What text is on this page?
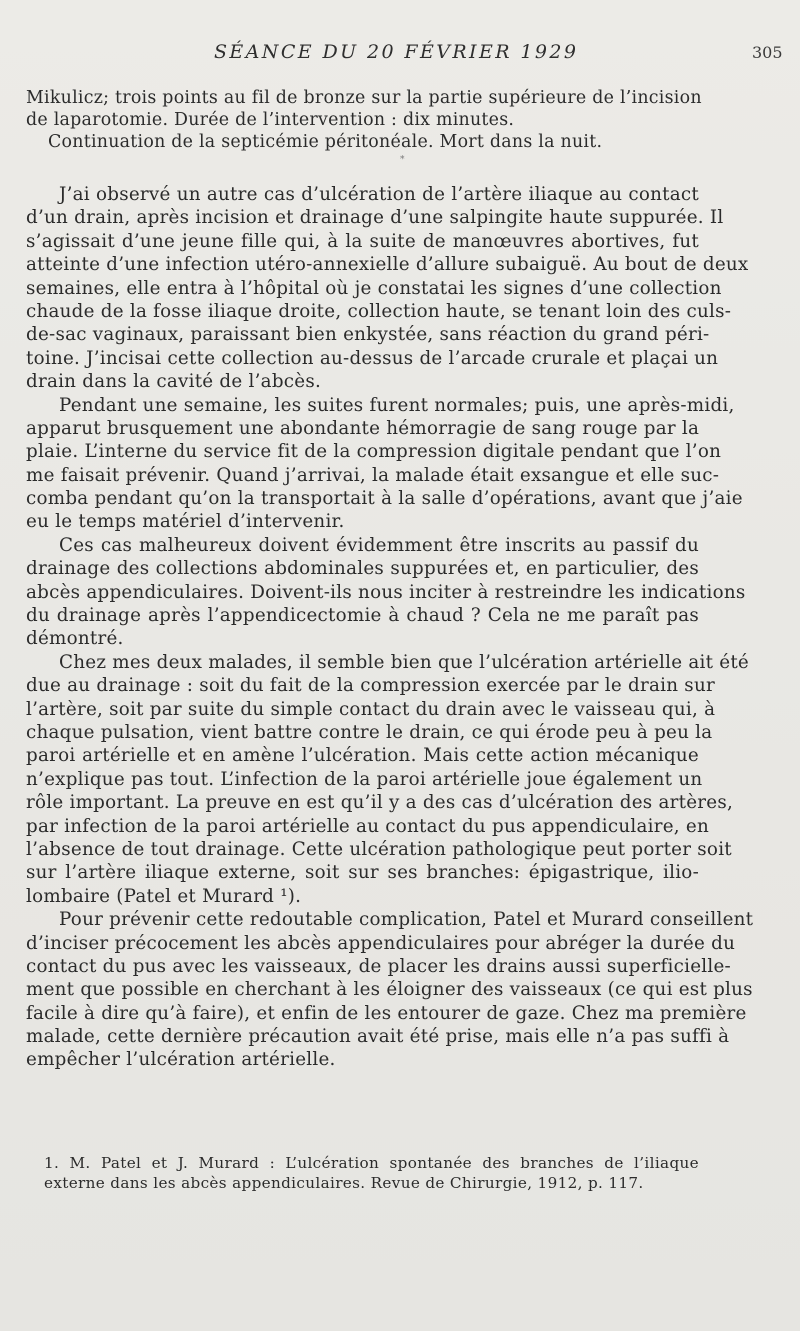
SÉANCE DU 20 FÉVRIER 1929	305
Mikulicz; trois points au fil de bronze sur la partie supérieure de l’incision
de laparotomie. Durée de l’intervention : dix minutes.
Continuation de la septicémie péritonéale. Mort dans la nuit.
*
J’ai observé un autre cas d’ulcération de l’artère iliaque au contact
d’un drain, après incision et drainage d’une salpingite haute suppurée. Il
s’agissait d’une jeune fille qui, à la suite de manœuvres abortives, fut
atteinte d’une infection utéro-annexielle d’allure subaiguë. Au bout de deux
semaines, elle entra à l’hôpital où je constatai les signes d’une collection
chaude de la fosse iliaque droite, collection haute, se tenant loin des culs-
de-sac vaginaux, paraissant bien enkystée, sans réaction du grand péri-
toine. J’incisai cette collection au-dessus de l’arcade crurale et plaçai un
drain dans la cavité de l’abcès.
Pendant une semaine, les suites furent normales; puis, une après-midi,
apparut brusquement une abondante hémorragie de sang rouge par la
plaie. L’interne du service fit de la compression digitale pendant que l’on
me faisait prévenir. Quand j’arrivai, la malade était exsangue et elle suc-
comba pendant qu’on la transportait à la salle d’opérations, avant que j’aie
eu le temps matériel d’intervenir.
Ces cas malheureux doivent évidemment être inscrits au passif du
drainage des collections abdominales suppurées et, en particulier, des
abcès appendiculaires. Doivent-ils nous inciter à restreindre les indications
du drainage après l’appendicectomie à chaud ? Cela ne me paraît pas
démontré.
Chez mes deux malades, il semble bien que l’ulcération artérielle ait été
due au drainage : soit du fait de la compression exercée par le drain sur
l’artère, soit par suite du simple contact du drain avec le vaisseau qui, à
chaque pulsation, vient battre contre le drain, ce qui érode peu à peu la
paroi artérielle et en amène l’ulcération. Mais cette action mécanique
n’explique pas tout. L’infection de la paroi artérielle joue également un
rôle important. La preuve en est qu’il y a des cas d’ulcération des artères,
par infection de la paroi artérielle au contact du pus appendiculaire, en
l’absence de tout drainage. Cette ulcération pathologique peut porter soit
sur l’artère iliaque externe, soit sur ses branches: épigastrique, ilio-
lombaire (Patel et Murard ¹).
Pour prévenir cette redoutable complication, Patel et Murard conseillent
d’inciser précocement les abcès appendiculaires pour abréger la durée du
contact du pus avec les vaisseaux, de placer les drains aussi superficielle-
ment que possible en cherchant à les éloigner des vaisseaux (ce qui est plus
facile à dire qu’à faire), et enfin de les entourer de gaze. Chez ma première
malade, cette dernière précaution avait été prise, mais elle n’a pas suffi à
empêcher l’ulcération artérielle.
1. M. Patel et J. Murard : L’ulcération spontanée des branches de l’iliaque
externe dans les abcès appendiculaires. Revue de Chirurgie, 1912, p. 117.
